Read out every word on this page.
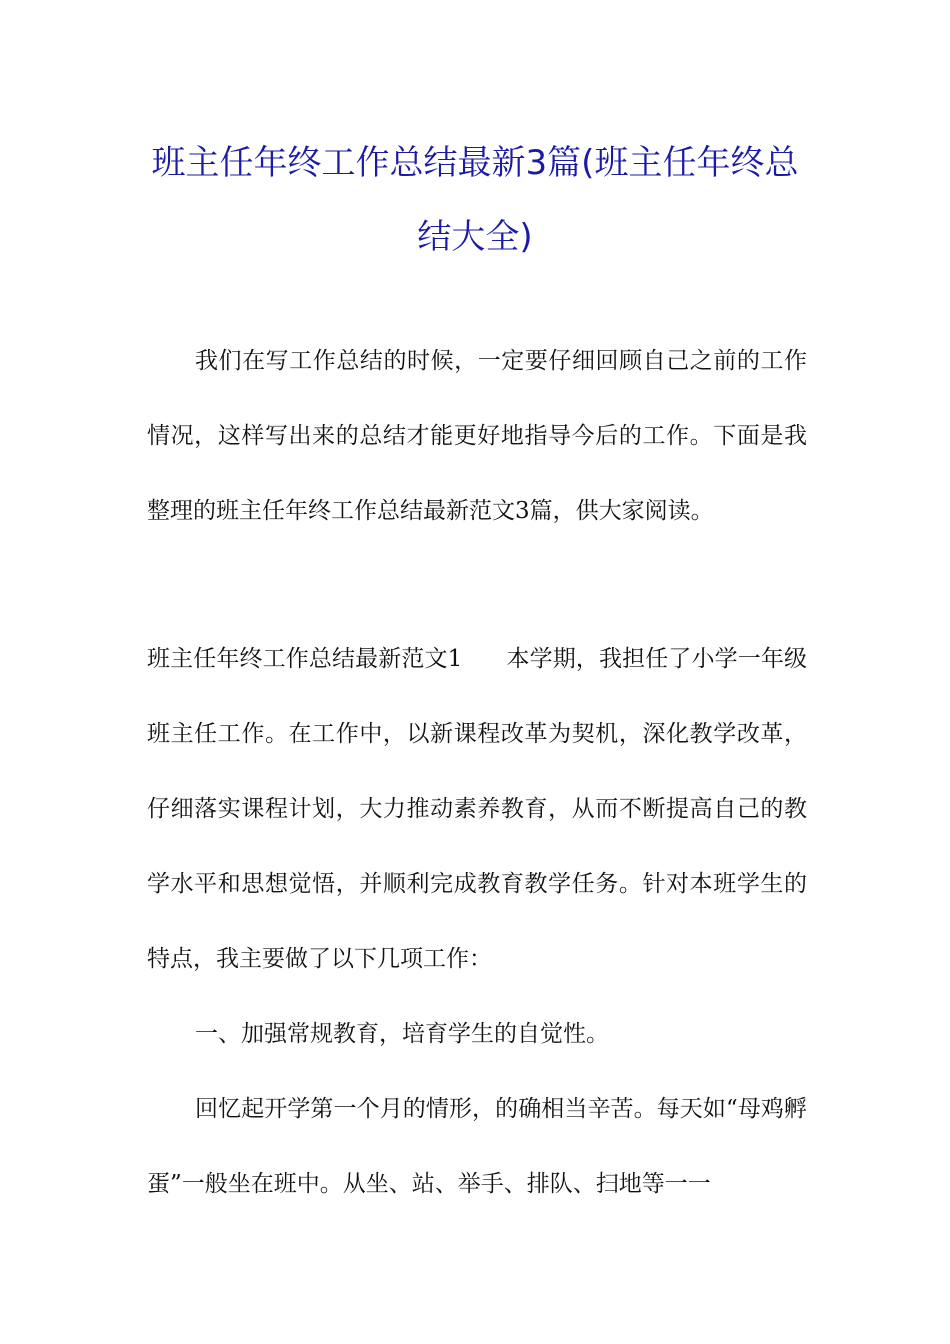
班主任年终工作总结最新3篇(班主任年终总结大全)

我们在写工作总结的时候，一定要仔细回顾自己之前的工作情况，这样写出来的总结才能更好地指导今后的工作。下面是我整理的班主任年终工作总结最新范文3篇，供大家阅读。

班主任年终工作总结最新范文1 本学期，我担任了小学一年级班主任工作。在工作中，以新课程改革为契机，深化教学改革，仔细落实课程计划，大力推动素养教育，从而不断提高自己的教学水平和思想觉悟，并顺利完成教育教学任务。针对本班学生的特点，我主要做了以下几项工作：

一、加强常规教育，培育学生的自觉性。

回忆起开学第一个月的情形，的确相当辛苦。每天如“母鸡孵蛋”一般坐在班中。从坐、站、举手、排队、扫地等一一
